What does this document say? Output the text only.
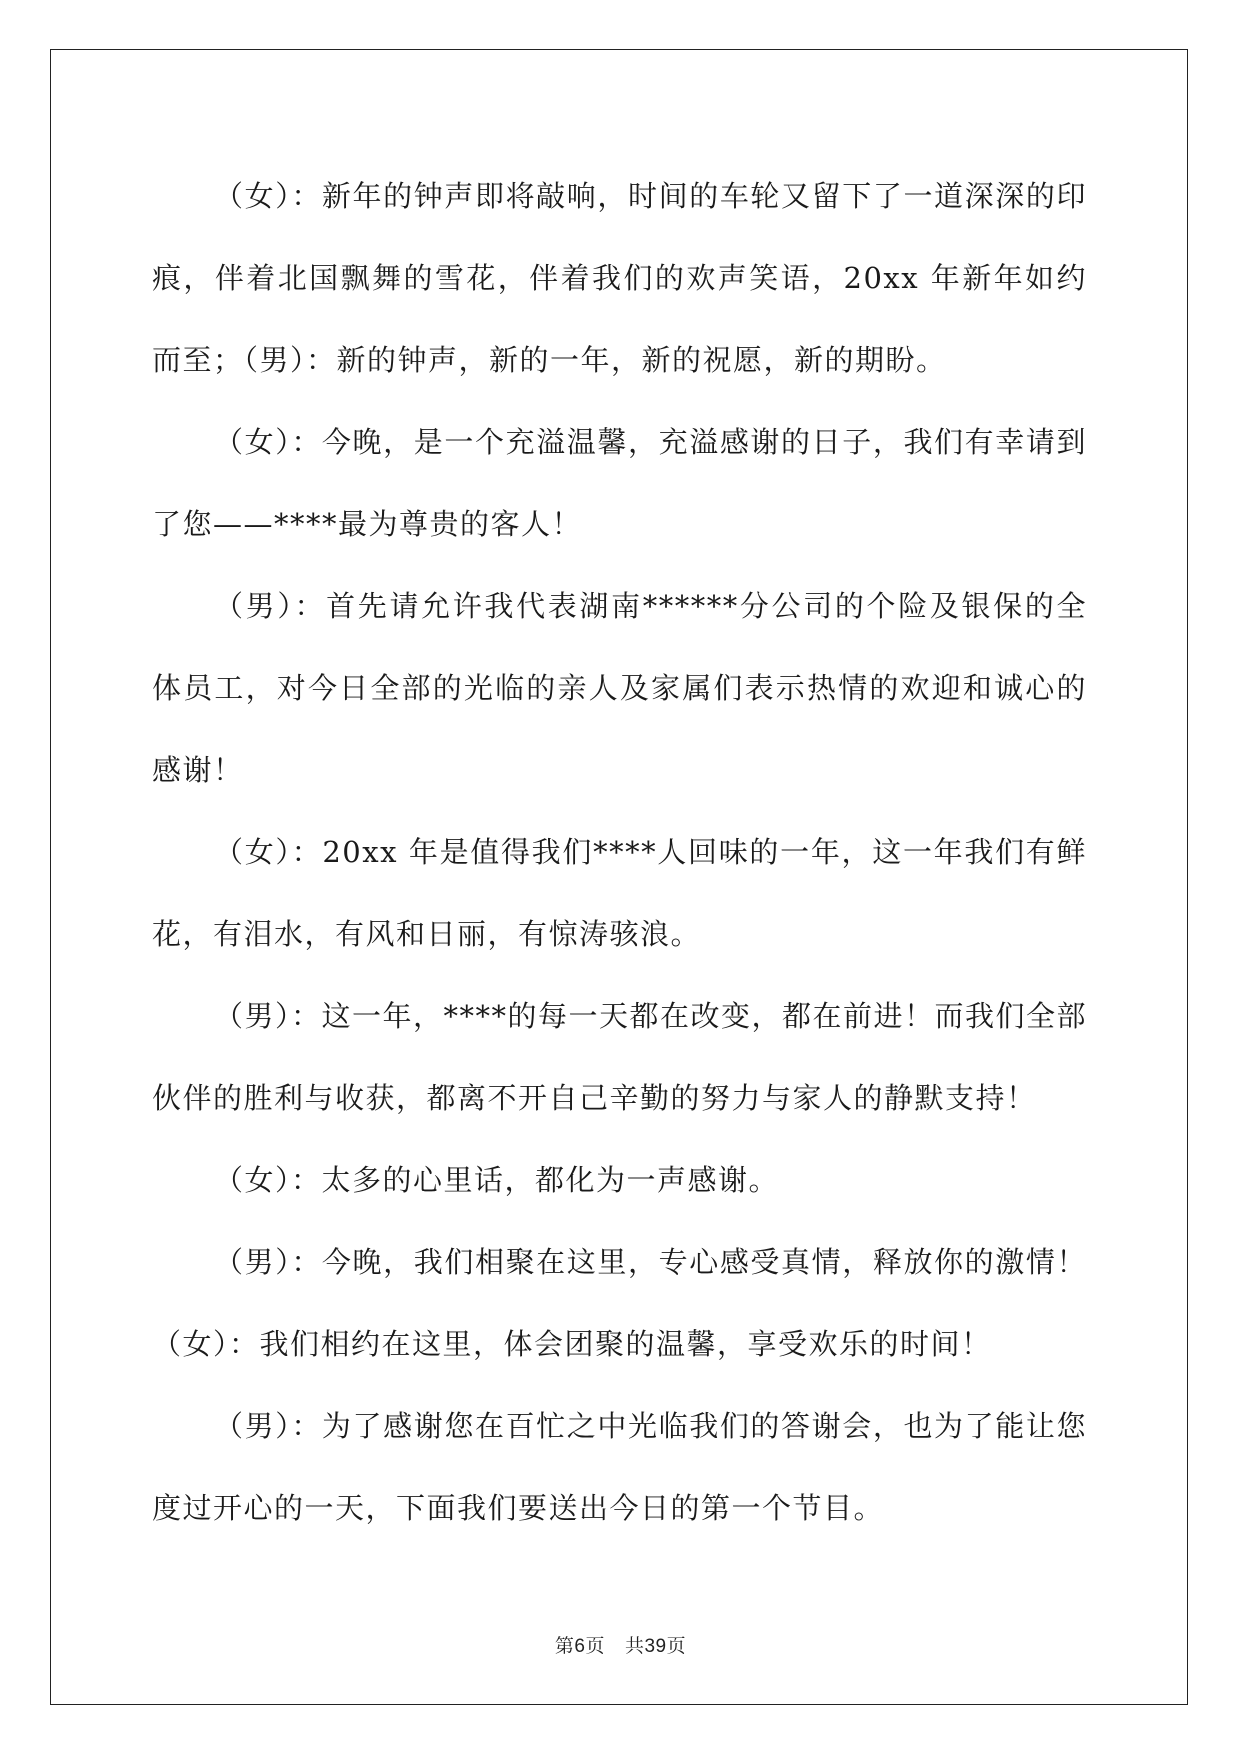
（女）：新年的钟声即将敲响，时间的车轮又留下了一道深深的印痕，伴着北国飘舞的雪花，伴着我们的欢声笑语，20xx 年新年如约而至；（男）：新的钟声，新的一年，新的祝愿，新的期盼。

（女）：今晚，是一个充溢温馨，充溢感谢的日子，我们有幸请到了您——****最为尊贵的客人！

（男）：首先请允许我代表湖南******分公司的个险及银保的全体员工，对今日全部的光临的亲人及家属们表示热情的欢迎和诚心的感谢！

（女）：20xx 年是值得我们****人回味的一年，这一年我们有鲜花，有泪水，有风和日丽，有惊涛骇浪。

（男）：这一年，****的每一天都在改变，都在前进！而我们全部伙伴的胜利与收获，都离不开自己辛勤的努力与家人的静默支持！

（女）：太多的心里话，都化为一声感谢。

（男）：今晚，我们相聚在这里，专心感受真情，释放你的激情！（女）：我们相约在这里，体会团聚的温馨，享受欢乐的时间！

（男）：为了感谢您在百忙之中光临我们的答谢会，也为了能让您度过开心的一天，下面我们要送出今日的第一个节目。

第6页 共39页
